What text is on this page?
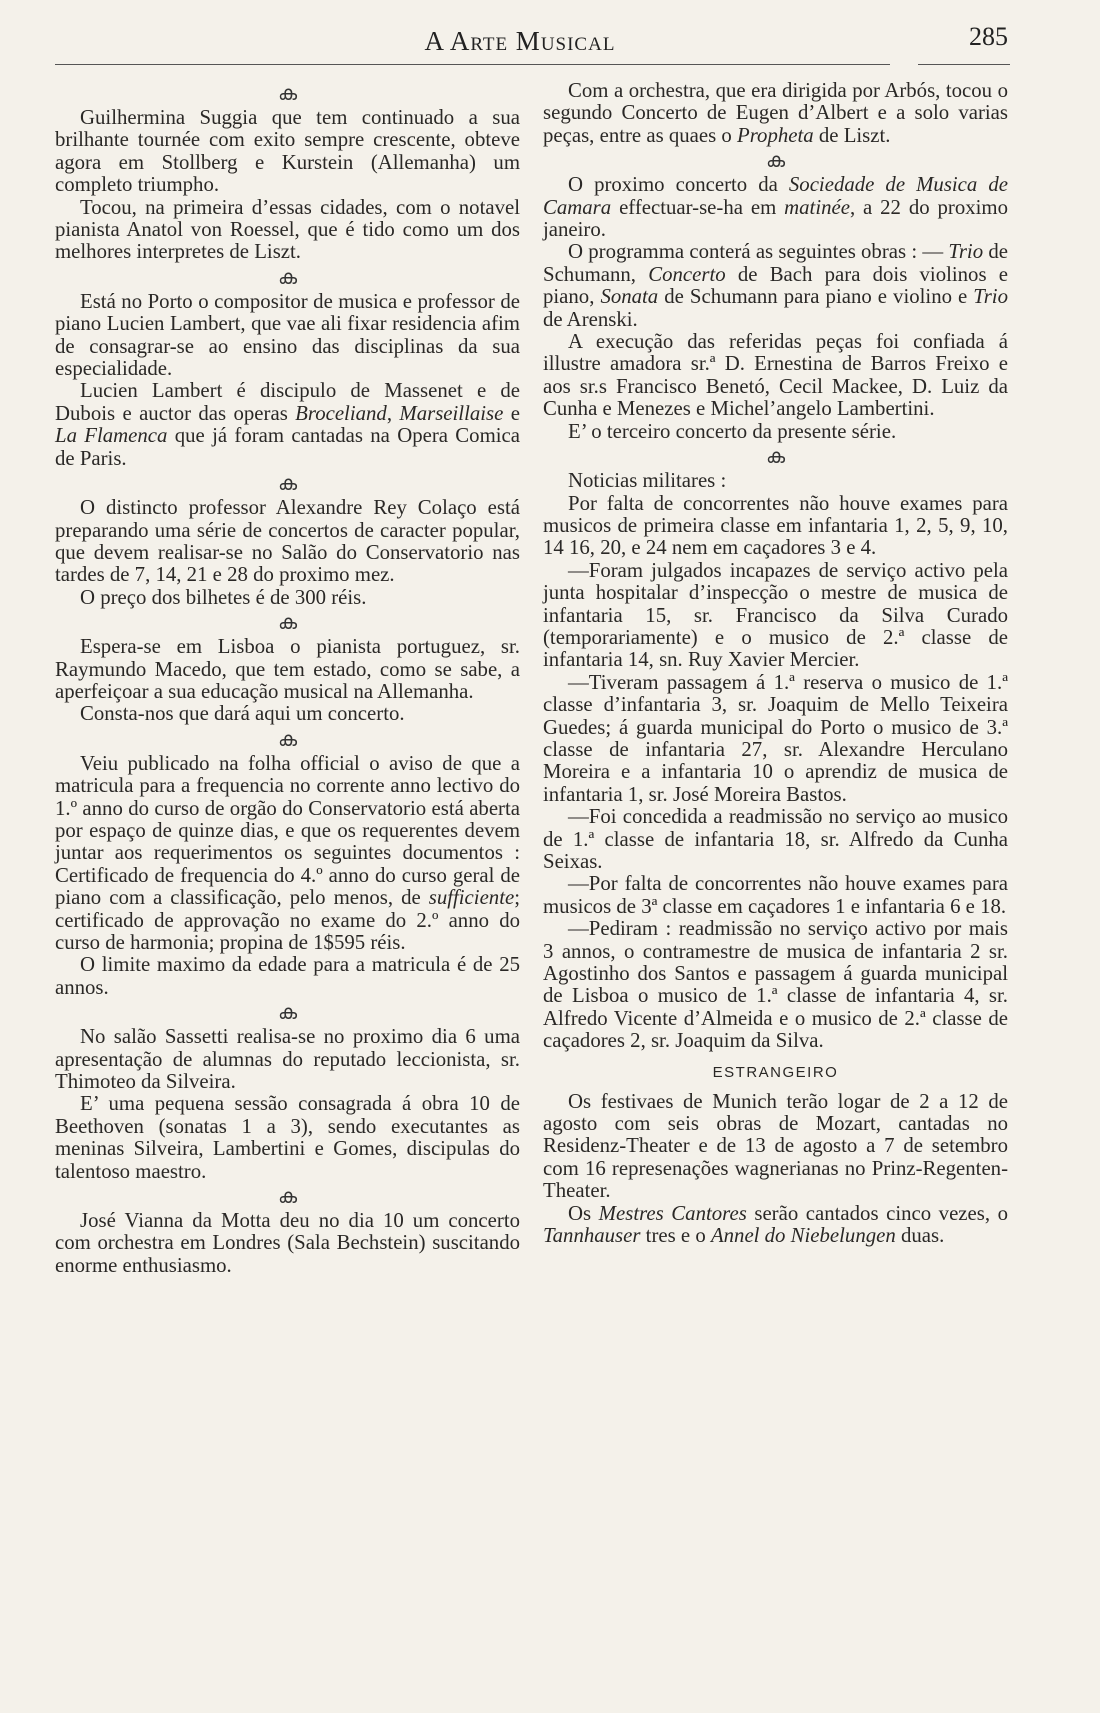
A Arte Musical	285
ക

Guilhermina Suggia que tem continuado a sua brilhante tournée com exito sempre crescente, obteve agora em Stollberg e Kurstein (Allemanha) um completo triumpho.

Tocou, na primeira d’essas cidades, com o notavel pianista Anatol von Roessel, que é tido como um dos melhores interpretes de Liszt.

ക

Está no Porto o compositor de musica e professor de piano Lucien Lambert, que vae ali fixar residencia afim de consagrar-se ao ensino das disciplinas da sua especialidade.

Lucien Lambert é discipulo de Massenet e de Dubois e auctor das operas Broceliand, Marseillaise e La Flamenca que já foram cantadas na Opera Comica de Paris.

ക

O distincto professor Alexandre Rey Colaço está preparando uma série de concertos de caracter popular, que devem realisar-se no Salão do Conservatorio nas tardes de 7, 14, 21 e 28 do proximo mez.

O preço dos bilhetes é de 300 réis.

ക

Espera-se em Lisboa o pianista portuguez, sr. Raymundo Macedo, que tem estado, como se sabe, a aperfeiçoar a sua educação musical na Allemanha.

Consta-nos que dará aqui um concerto.

ക

Veiu publicado na folha official o aviso de que a matricula para a frequencia no corrente anno lectivo do 1.º anno do curso de orgão do Conservatorio está aberta por espaço de quinze dias, e que os requerentes devem juntar aos requerimentos os seguintes documentos : Certificado de frequencia do 4.º anno do curso geral de piano com a classificação, pelo menos, de sufficiente; certificado de approvação no exame do 2.º anno do curso de harmonia; propina de 1$595 réis.

O limite maximo da edade para a matricula é de 25 annos.

ക

No salão Sassetti realisa-se no proximo dia 6 uma apresentação de alumnas do reputado leccionista, sr. Thimoteo da Silveira.

E’ uma pequena sessão consagrada á obra 10 de Beethoven (sonatas 1 a 3), sendo executantes as meninas Silveira, Lambertini e Gomes, discipulas do talentoso maestro.

ക

José Vianna da Motta deu no dia 10 um concerto com orchestra em Londres (Sala Bechstein) suscitando enorme enthusiasmo.

Com a orchestra, que era dirigida por Arbós, tocou o segundo Concerto de Eugen d’Albert e a solo varias peças, entre as quaes o Propheta de Liszt.

ക

O proximo concerto da Sociedade de Musica de Camara effectuar-se-ha em matinée, a 22 do proximo janeiro.

O programma conterá as seguintes obras : — Trio de Schumann, Concerto de Bach para dois violinos e piano, Sonata de Schumann para piano e violino e Trio de Arenski.

A execução das referidas peças foi confiada á illustre amadora sr.ª D. Ernestina de Barros Freixo e aos sr.s Francisco Benetó, Cecil Mackee, D. Luiz da Cunha e Menezes e Michel’angelo Lambertini.

E’ o terceiro concerto da presente série.

ക

Noticias militares :

Por falta de concorrentes não houve exames para musicos de primeira classe em infantaria 1, 2, 5, 9, 10, 14 16, 20, e 24 nem em caçadores 3 e 4.

—Foram julgados incapazes de serviço activo pela junta hospitalar d’inspecção o mestre de musica de infantaria 15, sr. Francisco da Silva Curado (temporariamente) e o musico de 2.ª classe de infantaria 14, sn. Ruy Xavier Mercier.

—Tiveram passagem á 1.ª reserva o musico de 1.ª classe d’infantaria 3, sr. Joaquim de Mello Teixeira Guedes; á guarda municipal do Porto o musico de 3.ª classe de infantaria 27, sr. Alexandre Herculano Moreira e a infantaria 10 o aprendiz de musica de infantaria 1, sr. José Moreira Bastos.

—Foi concedida a readmissão no serviço ao musico de 1.ª classe de infantaria 18, sr. Alfredo da Cunha Seixas.

—Por falta de concorrentes não houve exames para musicos de 3ª classe em caçadores 1 e infantaria 6 e 18.

—Pediram : readmissão no serviço activo por mais 3 annos, o contramestre de musica de infantaria 2 sr. Agostinho dos Santos e passagem á guarda municipal de Lisboa o musico de 1.ª classe de infantaria 4, sr. Alfredo Vicente d’Almeida e o musico de 2.ª classe de caçadores 2, sr. Joaquim da Silva.

ESTRANGEIRO

Os festivaes de Munich terão logar de 2 a 12 de agosto com seis obras de Mozart, cantadas no Residenz-Theater e de 13 de agosto a 7 de setembro com 16 represenações wagnerianas no Prinz-Regenten-Theater.

Os Mestres Cantores serão cantados cinco vezes, o Tannhauser tres e o Annel do Niebelungen duas.
